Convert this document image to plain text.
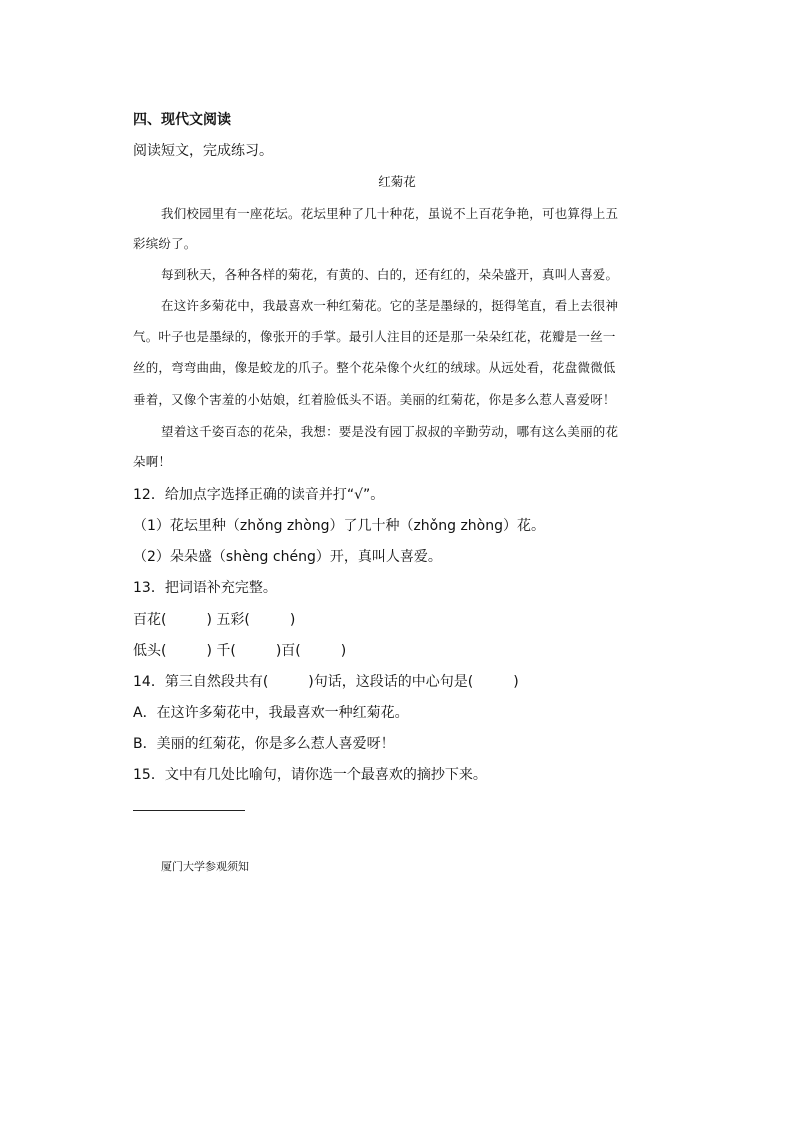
四、现代文阅读
阅读短文，完成练习。
红菊花
我们校园里有一座花坛。花坛里种了几十种花，虽说不上百花争艳，可也算得上五
彩缤纷了。
每到秋天，各种各样的菊花，有黄的、白的，还有红的，朵朵盛开，真叫人喜爱。
在这许多菊花中，我最喜欢一种红菊花。它的茎是墨绿的，挺得笔直，看上去很神
气。叶子也是墨绿的，像张开的手掌。最引人注目的还是那一朵朵红花，花瓣是一丝一
丝的，弯弯曲曲，像是蛟龙的爪子。整个花朵像个火红的绒球。从远处看，花盘微微低
垂着，又像个害羞的小姑娘，红着脸低头不语。美丽的红菊花，你是多么惹人喜爱呀！
望着这千姿百态的花朵，我想：要是没有园丁叔叔的辛勤劳动，哪有这么美丽的花
朵啊！
12．给加点字选择正确的读音并打“√”。
（1）花坛里种（zhǒng zhòng）了几十种（zhǒng zhòng）花。
（2）朵朵盛（shèng chéng）开，真叫人喜爱。
13．把词语补充完整。
百花(	) 五彩(	)
低头(	) 千(	)百(	)
14．第三自然段共有(	)句话，这段话的中心句是(	)
A．在这许多菊花中，我最喜欢一种红菊花。
B．美丽的红菊花，你是多么惹人喜爱呀！
15．文中有几处比喻句，请你选一个最喜欢的摘抄下来。
厦门大学参观须知
